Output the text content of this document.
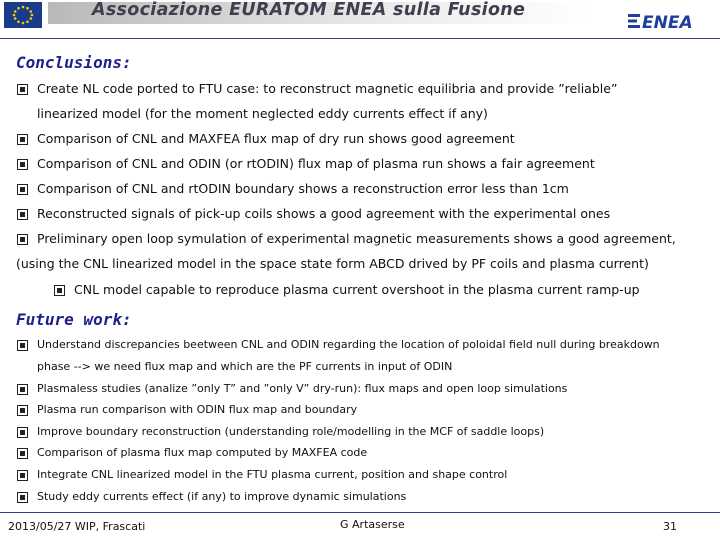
Associazione EURATOM ENEA sulla Fusione
ENEA
Conclusions:
Create NL code ported to FTU case: to reconstruct magnetic equilibria and provide ”reliable”
linearized model (for the moment neglected eddy currents effect if any)
Comparison of CNL and MAXFEA flux map of dry run shows good agreement
Comparison of CNL and ODIN (or rtODIN) flux map of plasma run shows a fair agreement
Comparison of CNL and rtODIN boundary shows a reconstruction error less than 1cm
Reconstructed signals of pick-up coils shows a good agreement with the experimental ones
Preliminary open loop symulation of experimental magnetic measurements shows a good agreement,
(using the CNL linearized model in the space state form ABCD drived by PF coils and plasma current)
CNL model capable to reproduce plasma current overshoot in the plasma current ramp-up
Future work:
Understand discrepancies beetween CNL and ODIN regarding the location of poloidal field null during breakdown
phase --> we need flux map and which are the PF currents in input of ODIN
Plasmaless studies (analize ”only T” and ”only V” dry-run): flux maps and open loop simulations
Plasma run comparison with ODIN flux map and boundary
Improve boundary reconstruction (understanding role/modelling in the MCF of saddle loops)
Comparison of plasma flux map computed by MAXFEA code
Integrate CNL linearized model in the FTU plasma current, position and shape control
Study eddy currents effect (if any) to improve dynamic simulations
2013/05/27 WIP, Frascati	G Artaserse	31
